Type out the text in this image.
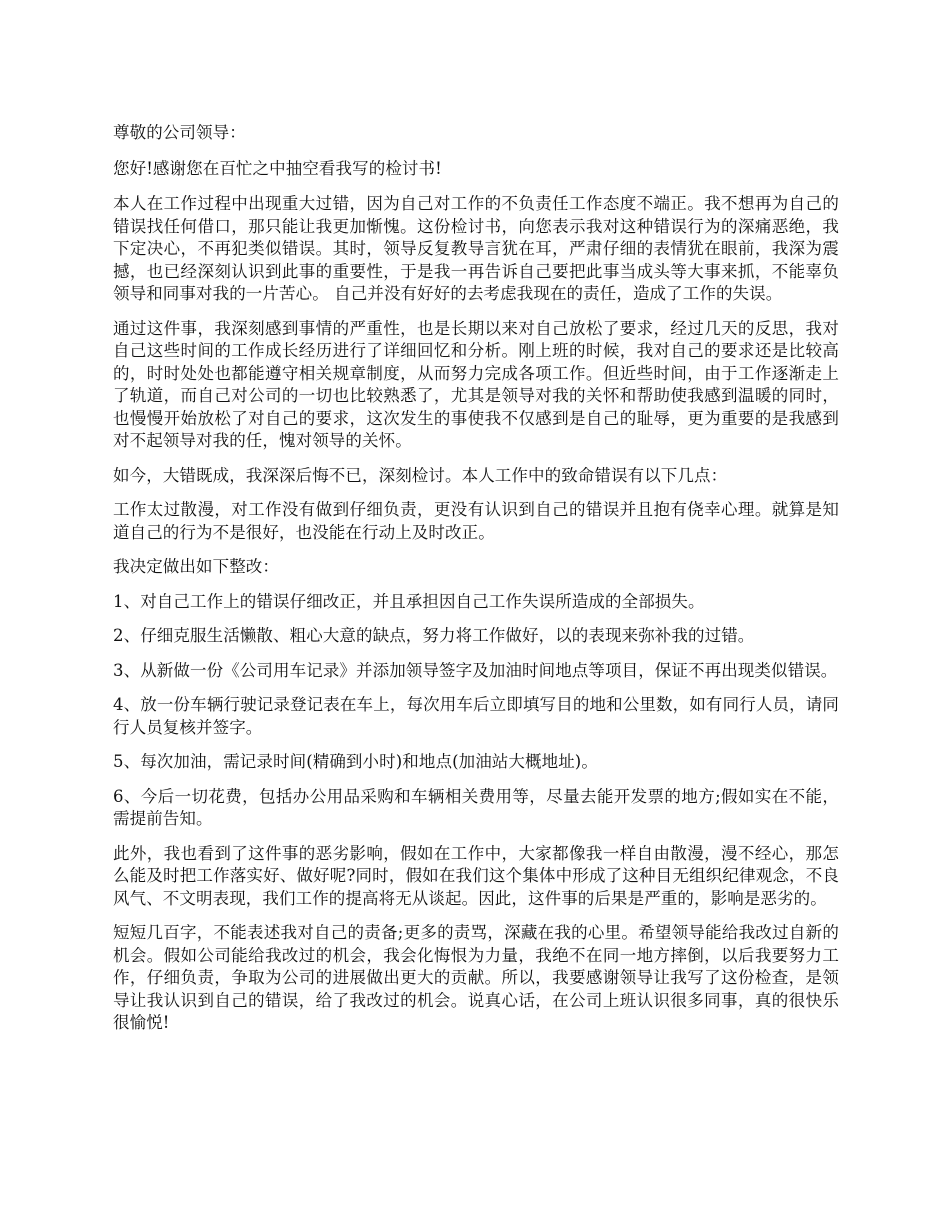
尊敬的公司领导：

您好!感谢您在百忙之中抽空看我写的检讨书!

本人在工作过程中出现重大过错，因为自己对工作的不负责任工作态度不端正。我不想再为自己的错误找任何借口，那只能让我更加惭愧。这份检讨书，向您表示我对这种错误行为的深痛恶绝，我下定决心，不再犯类似错误。其时，领导反复教导言犹在耳，严肃仔细的表情犹在眼前，我深为震撼，也已经深刻认识到此事的重要性，于是我一再告诉自己要把此事当成头等大事来抓，不能辜负领导和同事对我的一片苦心。 自己并没有好好的去考虑我现在的责任，造成了工作的失误。

通过这件事，我深刻感到事情的严重性，也是长期以来对自己放松了要求，经过几天的反思，我对自己这些时间的工作成长经历进行了详细回忆和分析。刚上班的时候，我对自己的要求还是比较高的，时时处处也都能遵守相关规章制度，从而努力完成各项工作。但近些时间，由于工作逐渐走上了轨道，而自己对公司的一切也比较熟悉了，尤其是领导对我的关怀和帮助使我感到温暖的同时，也慢慢开始放松了对自己的要求，这次发生的事使我不仅感到是自己的耻辱，更为重要的是我感到对不起领导对我的任，愧对领导的关怀。

如今，大错既成，我深深后悔不已，深刻检讨。本人工作中的致命错误有以下几点：

工作太过散漫，对工作没有做到仔细负责，更没有认识到自己的错误并且抱有侥幸心理。就算是知道自己的行为不是很好，也没能在行动上及时改正。

我决定做出如下整改：

1、对自己工作上的错误仔细改正，并且承担因自己工作失误所造成的全部损失。

2、仔细克服生活懒散、粗心大意的缺点，努力将工作做好，以的表现来弥补我的过错。

3、从新做一份《公司用车记录》并添加领导签字及加油时间地点等项目，保证不再出现类似错误。

4、放一份车辆行驶记录登记表在车上，每次用车后立即填写目的地和公里数，如有同行人员，请同行人员复核并签字。

5、每次加油，需记录时间(精确到小时)和地点(加油站大概地址)。

6、今后一切花费，包括办公用品采购和车辆相关费用等，尽量去能开发票的地方;假如实在不能，需提前告知。

此外，我也看到了这件事的恶劣影响，假如在工作中，大家都像我一样自由散漫，漫不经心，那怎么能及时把工作落实好、做好呢?同时，假如在我们这个集体中形成了这种目无组织纪律观念，不良风气、不文明表现，我们工作的提高将无从谈起。因此，这件事的后果是严重的，影响是恶劣的。

短短几百字，不能表述我对自己的责备;更多的责骂，深藏在我的心里。希望领导能给我改过自新的机会。假如公司能给我改过的机会，我会化悔恨为力量，我绝不在同一地方摔倒，以后我要努力工作，仔细负责，争取为公司的进展做出更大的贡献。所以，我要感谢领导让我写了这份检查，是领导让我认识到自己的错误，给了我改过的机会。说真心话，在公司上班认识很多同事，真的很快乐很愉悦!
